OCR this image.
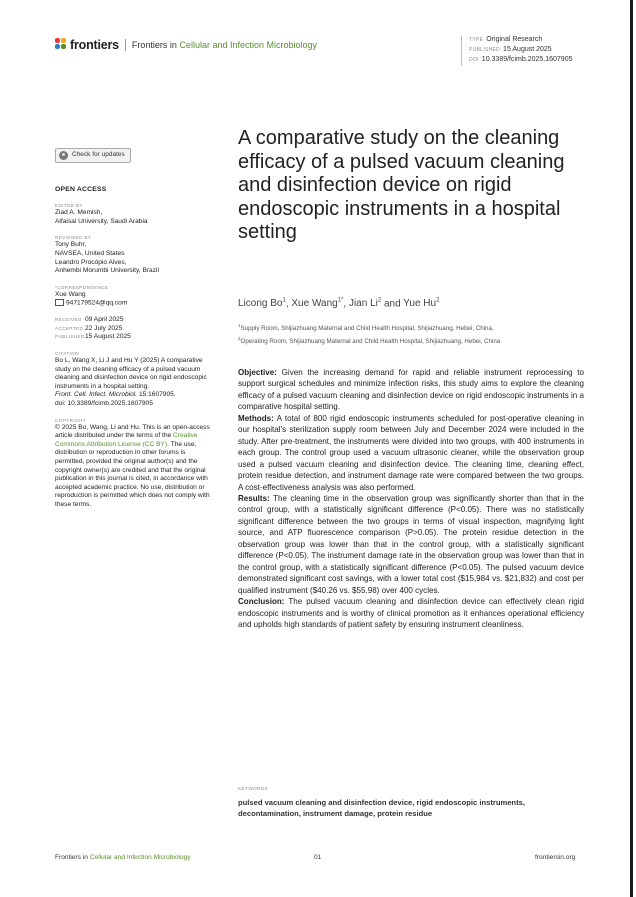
frontiers Frontiers in Cellular and Infection Microbiology	TYPE Original Research
PUBLISHED 15 August 2025
DOI 10.3389/fcimb.2025.1607905
Check for updates
OPEN ACCESS
EDITED BY
Ziad A. Memish,
Alfaisal University, Saudi Arabia
REVIEWED BY
Tony Buhr,
NAVSEA, United States
Leandro Procópio Alves,
Anhembi Morumbi University, Brazil
*CORRESPONDENCE
Xue Wang
947179524@qq.com
RECEIVED 09 April 2025
ACCEPTED 22 July 2025
PUBLISHED 15 August 2025
CITATION
Bo L, Wang X, Li J and Hu Y (2025) A comparative study on the cleaning efficacy of a pulsed vacuum cleaning and disinfection device on rigid endoscopic instruments in a hospital setting.
Front. Cell. Infect. Microbiol. 15:1607905.
doi: 10.3389/fcimb.2025.1607905
COPYRIGHT
© 2025 Bo, Wang, Li and Hu. This is an open-access article distributed under the terms of the Creative Commons Attribution License (CC BY). The use, distribution or reproduction in other forums is permitted, provided the original author(s) and the copyright owner(s) are credited and that the original publication in this journal is cited, in accordance with accepted academic practice. No use, distribution or reproduction is permitted which does not comply with these terms.
A comparative study on the cleaning efficacy of a pulsed vacuum cleaning and disinfection device on rigid endoscopic instruments in a hospital setting
Licong Bo$^1$, Xue Wang$^{1*}$, Jian Li$^2$ and Yue Hu$^2$
$^1$Supply Room, Shijiazhuang Maternal and Child Health Hospital, Shijiazhuang, Hebei, China,
$^2$Operating Room, Shijiazhuang Maternal and Child Health Hospital, Shijiazhuang, Hebei, China

Objective: Given the increasing demand for rapid and reliable instrument reprocessing to support surgical schedules and minimize infection risks, this study aims to explore the cleaning efficacy of a pulsed vacuum cleaning and disinfection device on rigid endoscopic instruments in a comparative hospital setting.

Methods: A total of 800 rigid endoscopic instruments scheduled for post-operative cleaning in our hospital's sterilization supply room between July and December 2024 were included in the study. After pre-treatment, the instruments were divided into two groups, with 400 instruments in each group. The control group used a vacuum ultrasonic cleaner, while the observation group used a pulsed vacuum cleaning and disinfection device. The cleaning time, cleaning effect, protein residue detection, and instrument damage rate were compared between the two groups. A cost-effectiveness analysis was also performed.

Results: The cleaning time in the observation group was significantly shorter than that in the control group, with a statistically significant difference (P<0.05). There was no statistically significant difference between the two groups in terms of visual inspection, magnifying light source, and ATP fluorescence comparison (P>0.05). The protein residue detection in the observation group was lower than that in the control group, with a statistically significant difference (P<0.05). The instrument damage rate in the observation group was lower than that in the control group, with a statistically significant difference (P<0.05). The pulsed vacuum device demonstrated significant cost savings, with a lower total cost ($15,984 vs. $21,832) and cost per qualified instrument ($40.26 vs. $55.98) over 400 cycles.

Conclusion: The pulsed vacuum cleaning and disinfection device can effectively clean rigid endoscopic instruments and is worthy of clinical promotion as it enhances operational efficiency and upholds high standards of patient safety by ensuring instrument cleanliness.

KEYWORDS
pulsed vacuum cleaning and disinfection device, rigid endoscopic instruments, decontamination, instrument damage, protein residue
Frontiers in Cellular and Infection Microbiology	01	frontiersin.org
